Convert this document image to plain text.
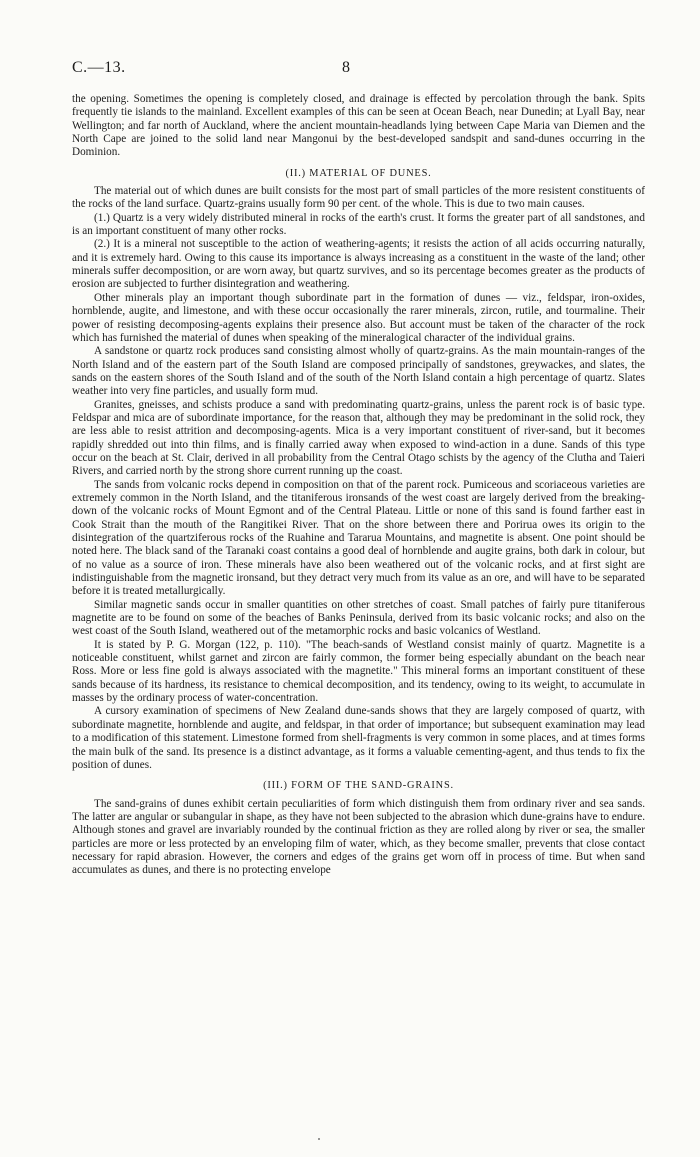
C.—13.	8

the opening. Sometimes the opening is completely closed, and drainage is effected by percolation through the bank. Spits frequently tie islands to the mainland. Excellent examples of this can be seen at Ocean Beach, near Dunedin; at Lyall Bay, near Wellington; and far north of Auckland, where the ancient mountain-headlands lying between Cape Maria van Diemen and the North Cape are joined to the solid land near Mangonui by the best-developed sandspit and sand-dunes occurring in the Dominion.

(II.) MATERIAL OF DUNES.

The material out of which dunes are built consists for the most part of small particles of the more resistent constituents of the rocks of the land surface. Quartz-grains usually form 90 per cent. of the whole. This is due to two main causes.

(1.) Quartz is a very widely distributed mineral in rocks of the earth's crust. It forms the greater part of all sandstones, and is an important constituent of many other rocks.

(2.) It is a mineral not susceptible to the action of weathering-agents; it resists the action of all acids occurring naturally, and it is extremely hard. Owing to this cause its importance is always increasing as a constituent in the waste of the land; other minerals suffer decomposition, or are worn away, but quartz survives, and so its percentage becomes greater as the products of erosion are subjected to further disintegration and weathering.

Other minerals play an important though subordinate part in the formation of dunes — viz., feldspar, iron-oxides, hornblende, augite, and limestone, and with these occur occasionally the rarer minerals, zircon, rutile, and tourmaline. Their power of resisting decomposing-agents explains their presence also. But account must be taken of the character of the rock which has furnished the material of dunes when speaking of the mineralogical character of the individual grains.

A sandstone or quartz rock produces sand consisting almost wholly of quartz-grains. As the main mountain-ranges of the North Island and of the eastern part of the South Island are composed principally of sandstones, greywackes, and slates, the sands on the eastern shores of the South Island and of the south of the North Island contain a high percentage of quartz. Slates weather into very fine particles, and usually form mud.

Granites, gneisses, and schists produce a sand with predominating quartz-grains, unless the parent rock is of basic type. Feldspar and mica are of subordinate importance, for the reason that, although they may be predominant in the solid rock, they are less able to resist attrition and decomposing-agents. Mica is a very important constituent of river-sand, but it becomes rapidly shredded out into thin films, and is finally carried away when exposed to wind-action in a dune. Sands of this type occur on the beach at St. Clair, derived in all probability from the Central Otago schists by the agency of the Clutha and Taieri Rivers, and carried north by the strong shore current running up the coast.

The sands from volcanic rocks depend in composition on that of the parent rock. Pumiceous and scoriaceous varieties are extremely common in the North Island, and the titaniferous ironsands of the west coast are largely derived from the breaking-down of the volcanic rocks of Mount Egmont and of the Central Plateau. Little or none of this sand is found farther east in Cook Strait than the mouth of the Rangitikei River. That on the shore between there and Porirua owes its origin to the disintegration of the quartziferous rocks of the Ruahine and Tararua Mountains, and magnetite is absent. One point should be noted here. The black sand of the Taranaki coast contains a good deal of hornblende and augite grains, both dark in colour, but of no value as a source of iron. These minerals have also been weathered out of the volcanic rocks, and at first sight are indistinguishable from the magnetic ironsand, but they detract very much from its value as an ore, and will have to be separated before it is treated metallurgically.

Similar magnetic sands occur in smaller quantities on other stretches of coast. Small patches of fairly pure titaniferous magnetite are to be found on some of the beaches of Banks Peninsula, derived from its basic volcanic rocks; and also on the west coast of the South Island, weathered out of the metamorphic rocks and basic volcanics of Westland.

It is stated by P. G. Morgan (122, p. 110). "The beach-sands of Westland consist mainly of quartz. Magnetite is a noticeable constituent, whilst garnet and zircon are fairly common, the former being especially abundant on the beach near Ross. More or less fine gold is always associated with the magnetite." This mineral forms an important constituent of these sands because of its hardness, its resistance to chemical decomposition, and its tendency, owing to its weight, to accumulate in masses by the ordinary process of water-concentration.

A cursory examination of specimens of New Zealand dune-sands shows that they are largely composed of quartz, with subordinate magnetite, hornblende and augite, and feldspar, in that order of importance; but subsequent examination may lead to a modification of this statement. Limestone formed from shell-fragments is very common in some places, and at times forms the main bulk of the sand. Its presence is a distinct advantage, as it forms a valuable cementing-agent, and thus tends to fix the position of dunes.

(III.) FORM OF THE SAND-GRAINS.

The sand-grains of dunes exhibit certain peculiarities of form which distinguish them from ordinary river and sea sands. The latter are angular or subangular in shape, as they have not been subjected to the abrasion which dune-grains have to endure. Although stones and gravel are invariably rounded by the continual friction as they are rolled along by river or sea, the smaller particles are more or less protected by an enveloping film of water, which, as they become smaller, prevents that close contact necessary for rapid abrasion. However, the corners and edges of the grains get worn off in process of time. But when sand accumulates as dunes, and there is no protecting envelope
